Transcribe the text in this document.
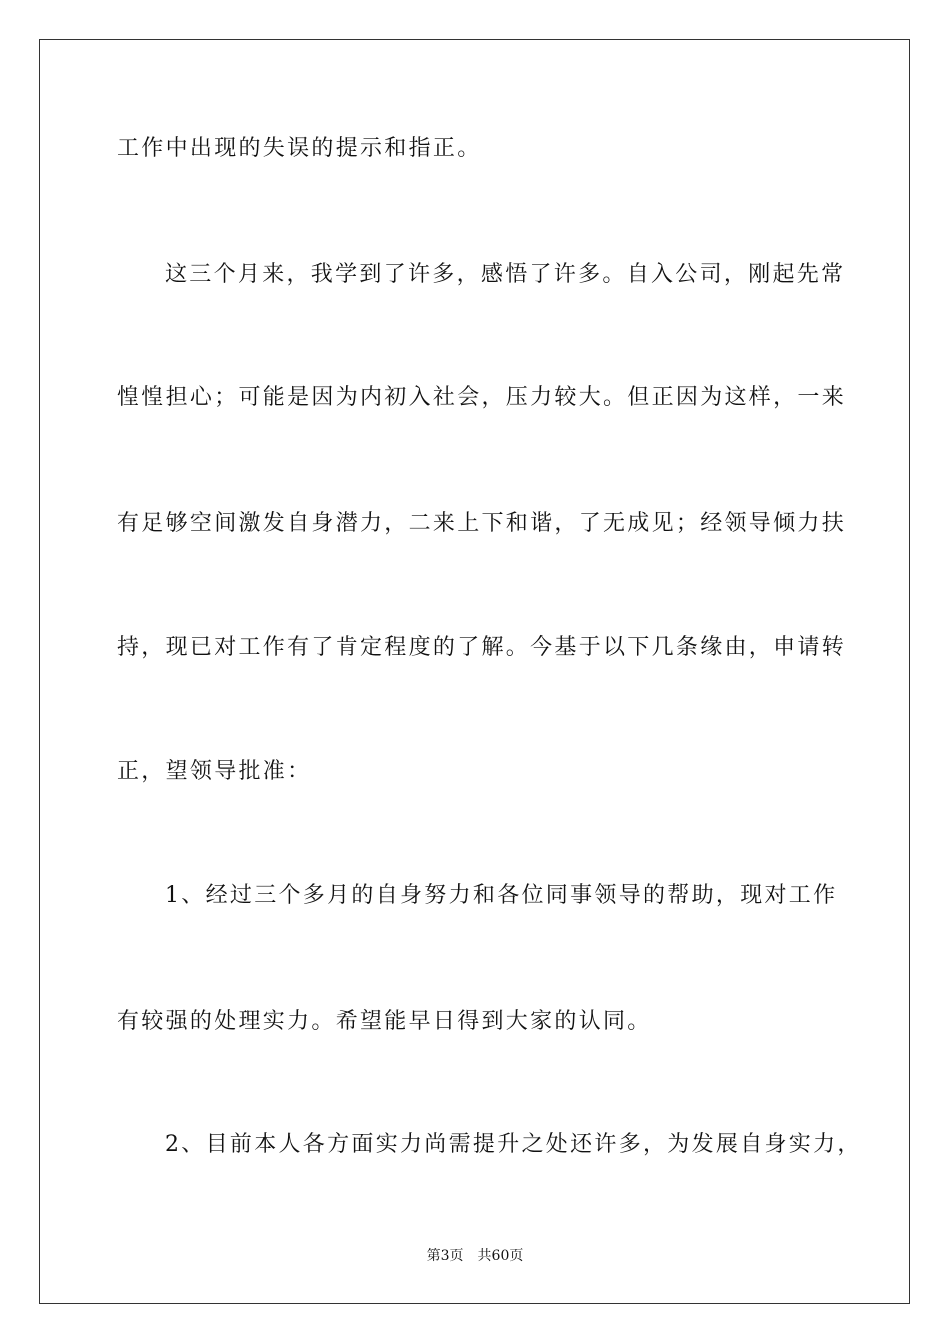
工作中出现的失误的提示和指正。
这三个月来，我学到了许多，感悟了许多。自入公司，刚起先常
惶惶担心；可能是因为内初入社会，压力较大。但正因为这样，一来
有足够空间激发自身潜力，二来上下和谐，了无成见；经领导倾力扶
持，现已对工作有了肯定程度的了解。今基于以下几条缘由，申请转
正，望领导批准：
1、经过三个多月的自身努力和各位同事领导的帮助，现对工作
有较强的处理实力。希望能早日得到大家的认同。
2、目前本人各方面实力尚需提升之处还许多，为发展自身实力，
第3页 共60页
